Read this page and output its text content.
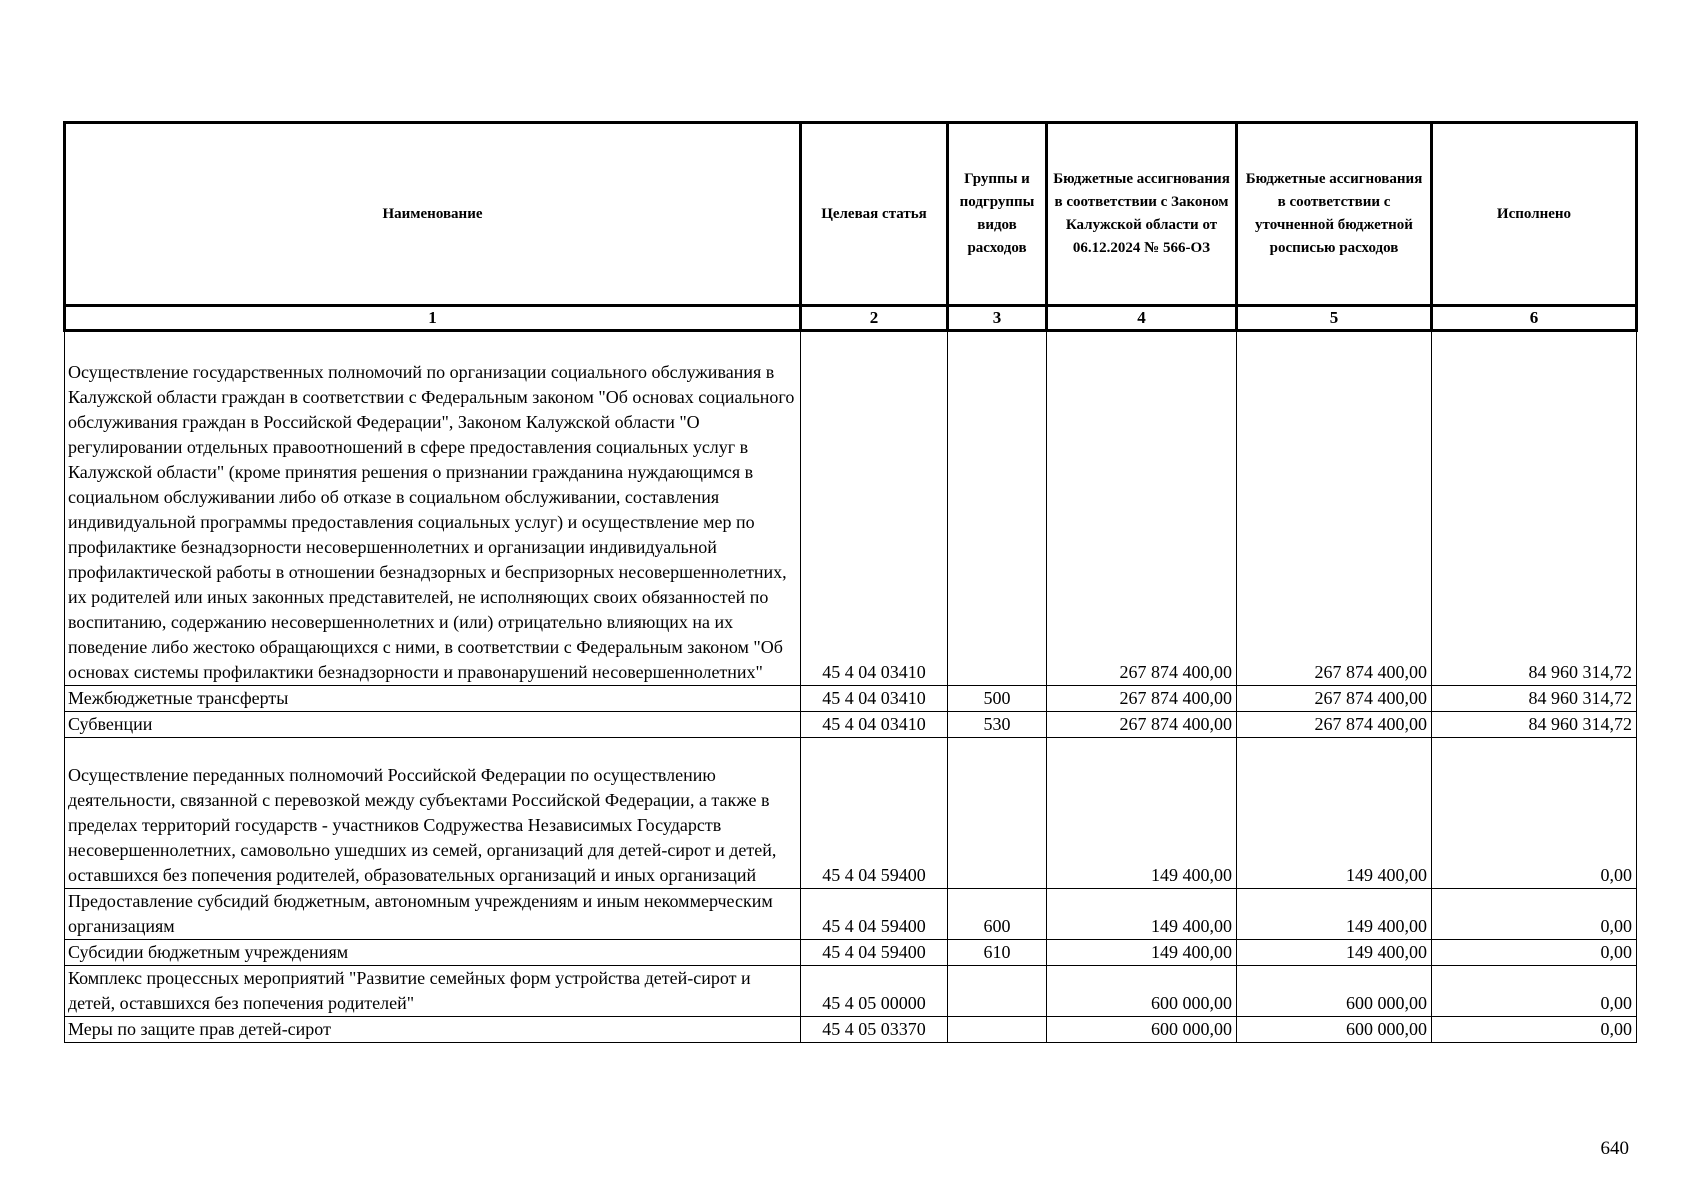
Наименование	Целевая статья	Группы и подгруппы видов расходов	Бюджетные ассигнования в соответствии с Законом Калужской области от 06.12.2024 № 566-ОЗ	Бюджетные ассигнования в соответствии с уточненной бюджетной росписью расходов	Исполнено
1	2	3	4	5	6
Осуществление государственных полномочий по организации социального обслуживания в Калужской области граждан в соответствии с Федеральным законом "Об основах социального обслуживания граждан в Российской Федерации", Законом Калужской области "О регулировании отдельных правоотношений в сфере предоставления социальных услуг в Калужской области" (кроме принятия решения о признании гражданина нуждающимся в социальном обслуживании либо об отказе в социальном обслуживании, составления индивидуальной программы предоставления социальных услуг) и осуществление мер по профилактике безнадзорности несовершеннолетних и организации индивидуальной профилактической работы в отношении безнадзорных и беспризорных несовершеннолетних, их родителей или иных законных представителей, не исполняющих своих обязанностей по воспитанию, содержанию несовершеннолетних и (или) отрицательно влияющих на их поведение либо жестоко обращающихся с ними, в соответствии с Федеральным законом "Об основах системы профилактики безнадзорности и правонарушений несовершеннолетних"	45 4 04 03410		267 874 400,00	267 874 400,00	84 960 314,72
Межбюджетные трансферты	45 4 04 03410	500	267 874 400,00	267 874 400,00	84 960 314,72
Субвенции	45 4 04 03410	530	267 874 400,00	267 874 400,00	84 960 314,72
Осуществление переданных полномочий Российской Федерации по осуществлению деятельности, связанной с перевозкой между субъектами Российской Федерации, а также в пределах территорий государств - участников Содружества Независимых Государств несовершеннолетних, самовольно ушедших из семей, организаций для детей-сирот и детей, оставшихся без попечения родителей, образовательных организаций и иных организаций	45 4 04 59400		149 400,00	149 400,00	0,00
Предоставление субсидий бюджетным, автономным учреждениям и иным некоммерческим организациям	45 4 04 59400	600	149 400,00	149 400,00	0,00
Субсидии бюджетным учреждениям	45 4 04 59400	610	149 400,00	149 400,00	0,00
Комплекс процессных мероприятий "Развитие семейных форм устройства детей-сирот и детей, оставшихся без попечения родителей"	45 4 05 00000		600 000,00	600 000,00	0,00
Меры по защите прав детей-сирот	45 4 05 03370		600 000,00	600 000,00	0,00
640
